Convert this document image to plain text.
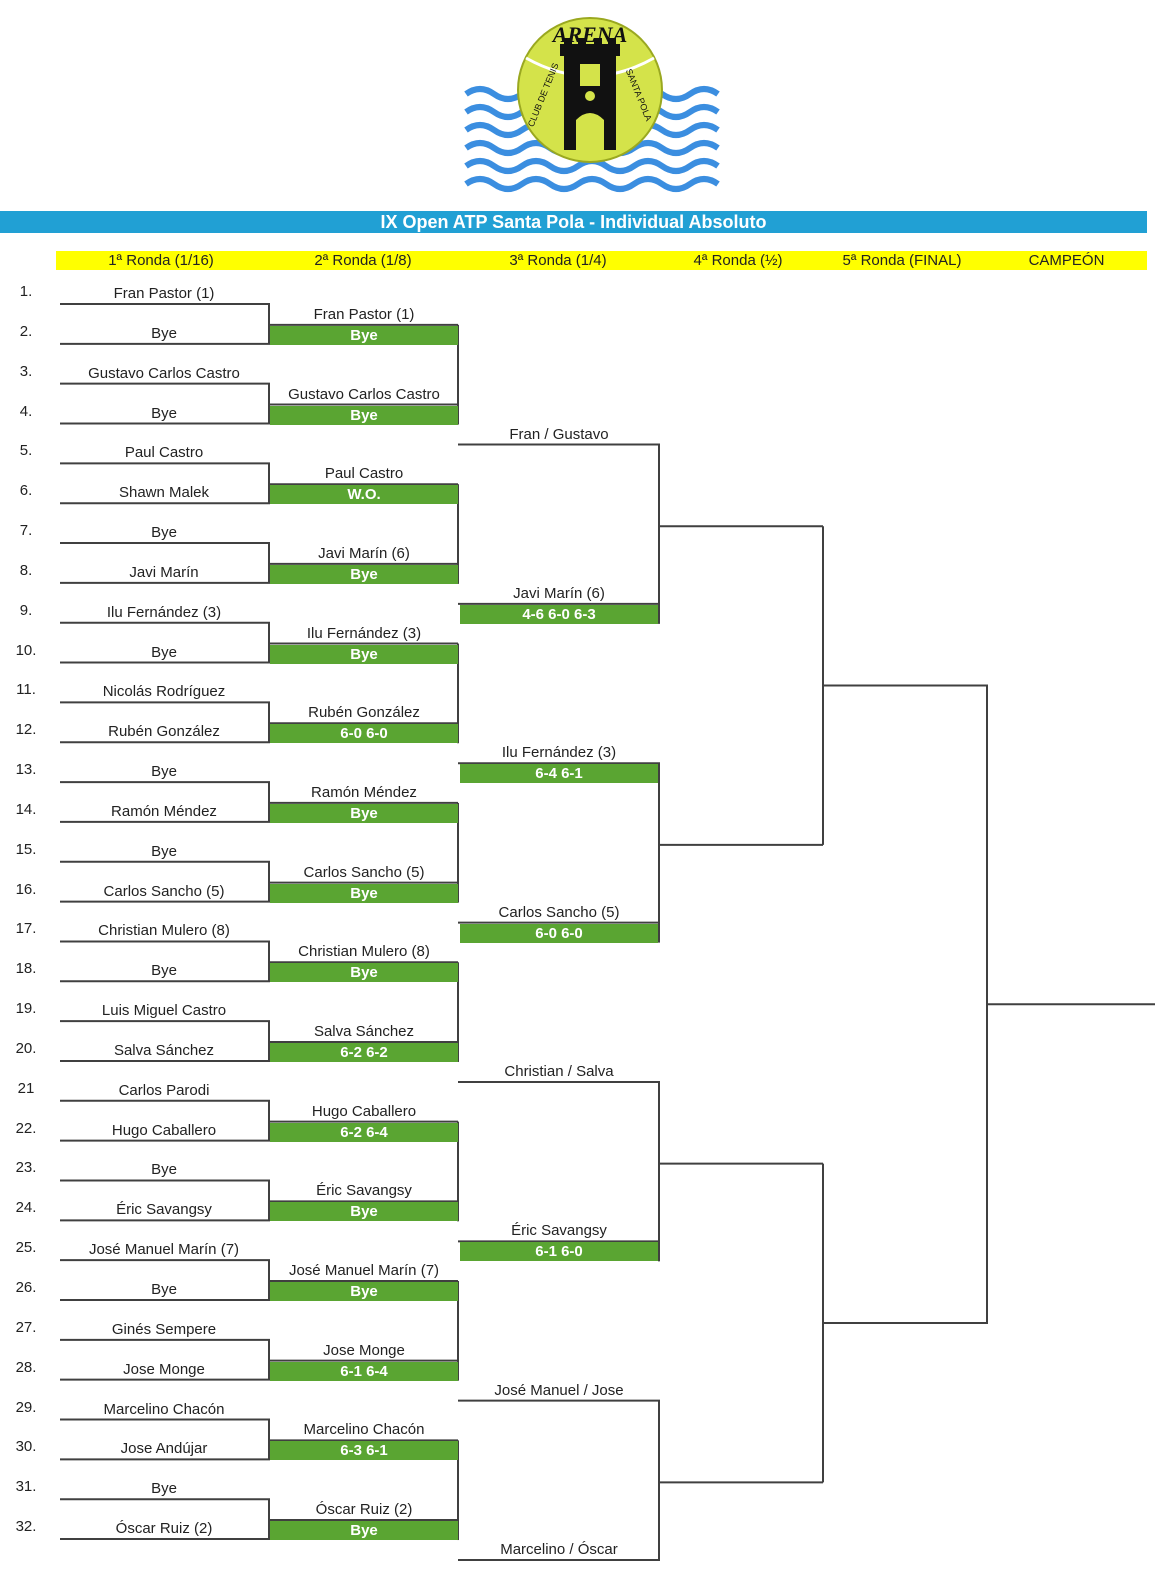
ARENA
CLUB DE TENIS	SANTA POLA
IX Open ATP Santa Pola - Individual Absoluto
1ª Ronda (1/16)	2ª Ronda (1/8)	3ª Ronda (1/4)	4ª Ronda (½)	5ª Ronda (FINAL)	CAMPEÓN
1.	Fran Pastor (1)
2.	Bye
3.	Gustavo Carlos Castro
4.	Bye
5.	Paul Castro
6.	Shawn Malek
7.	Bye
8.	Javi Marín
9.	Ilu Fernández (3)
10.	Bye
11.	Nicolás Rodríguez
12.	Rubén González
13.	Bye
14.	Ramón Méndez
15.	Bye
16.	Carlos Sancho (5)
17.	Christian Mulero (8)
18.	Bye
19.	Luis Miguel Castro
20.	Salva Sánchez
21	Carlos Parodi
22.	Hugo Caballero
23.	Bye
24.	Éric Savangsy
25.	José Manuel Marín (7)
26.	Bye
27.	Ginés Sempere
28.	Jose Monge
29.	Marcelino Chacón
30.	Jose Andújar
31.	Bye
32.	Óscar Ruiz (2)
Fran Pastor (1)
Bye
Gustavo Carlos Castro
Bye
Paul Castro
W.O.
Javi Marín (6)
Bye
Ilu Fernández (3)
Bye
Rubén González
6-0 6-0
Ramón Méndez
Bye
Carlos Sancho (5)
Bye
Christian Mulero (8)
Bye
Salva Sánchez
6-2 6-2
Hugo Caballero
6-2 6-4
Éric Savangsy
Bye
José Manuel Marín (7)
Bye
Jose Monge
6-1 6-4
Marcelino Chacón
6-3 6-1
Óscar Ruiz (2)
Bye
Fran / Gustavo
Javi Marín (6)
4-6 6-0 6-3
Ilu Fernández (3)
6-4 6-1
Carlos Sancho (5)
6-0 6-0
Christian / Salva
Éric Savangsy
6-1 6-0
José Manuel / Jose
Marcelino / Óscar
